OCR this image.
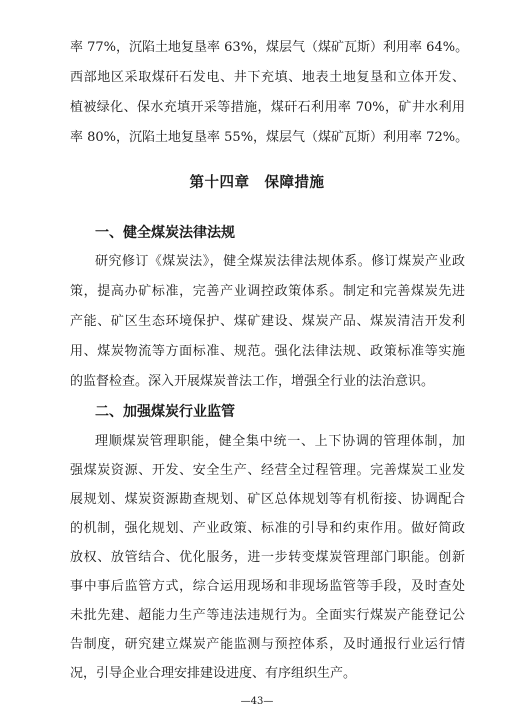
率 77%，沉陷土地复垦率 63%，煤层气（煤矿瓦斯）利用率 64%。
西部地区采取煤矸石发电、井下充填、地表土地复垦和立体开发、
植被绿化、保水充填开采等措施，煤矸石利用率 70%，矿井水利用
率 80%，沉陷土地复垦率 55%，煤层气（煤矿瓦斯）利用率 72%。
第十四章　保障措施
一、健全煤炭法律法规
研究修订《煤炭法》，健全煤炭法律法规体系。修订煤炭产业政
策，提高办矿标准，完善产业调控政策体系。制定和完善煤炭先进
产能、矿区生态环境保护、煤矿建设、煤炭产品、煤炭清洁开发利
用、煤炭物流等方面标准、规范。强化法律法规、政策标准等实施
的监督检查。深入开展煤炭普法工作，增强全行业的法治意识。
二、加强煤炭行业监管
理顺煤炭管理职能，健全集中统一、上下协调的管理体制，加
强煤炭资源、开发、安全生产、经营全过程管理。完善煤炭工业发
展规划、煤炭资源勘查规划、矿区总体规划等有机衔接、协调配合
的机制，强化规划、产业政策、标准的引导和约束作用。做好简政
放权、放管结合、优化服务，进一步转变煤炭管理部门职能。创新
事中事后监管方式，综合运用现场和非现场监管等手段，及时查处
未批先建、超能力生产等违法违规行为。全面实行煤炭产能登记公
告制度，研究建立煤炭产能监测与预控体系，及时通报行业运行情
况，引导企业合理安排建设进度、有序组织生产。
—43—
